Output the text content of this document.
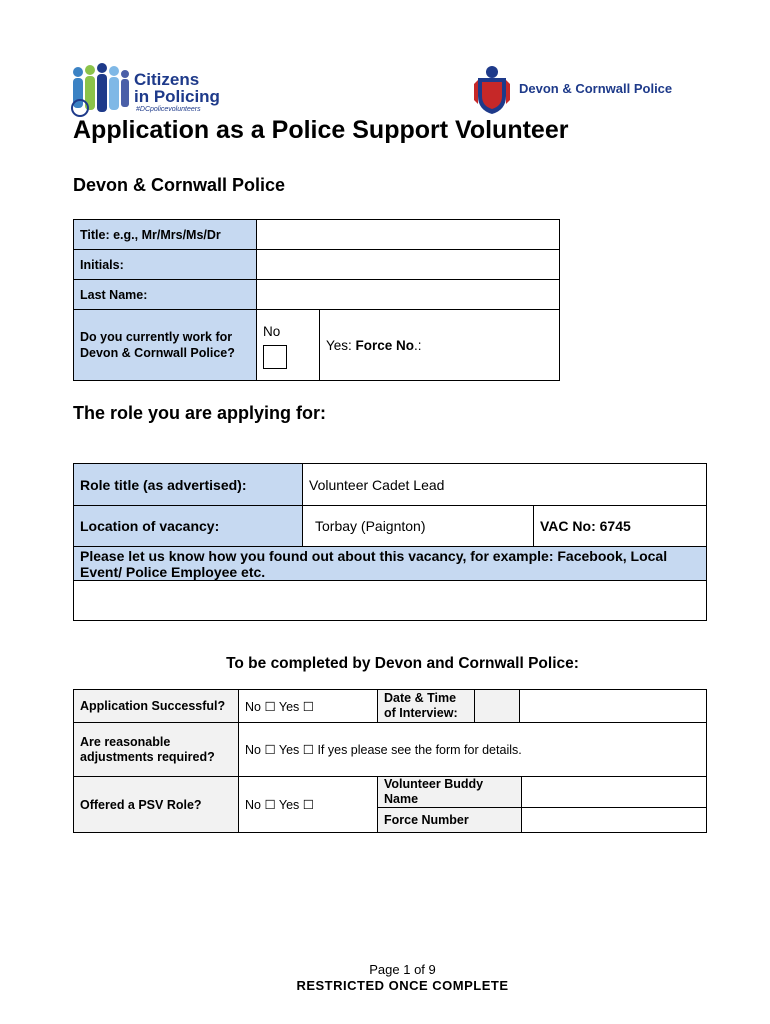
Citizens
in Policing
#DCpolicevolunteers
Devon & Cornwall Police
Application as a Police Support Volunteer
Devon & Cornwall Police
Title: e.g., Mr/Mrs/Ms/Dr		
Initials:		
Last Name:		
Do you currently work for Devon & Cornwall Police?	No	Yes: Force No.:
The role you are applying for:
Role title (as advertised):	Volunteer Cadet Lead	
Location of vacancy:	Torbay (Paignton)	VAC No: 6745
Please let us know how you found out about this vacancy, for example: Facebook, Local Event/ Police Employee etc.		

To be completed by Devon and Cornwall Police:
Application Successful?	No ☐ Yes ☐	Date & Time of Interview:		

Are reasonable adjustments required?	No ☐ Yes ☐ If yes please see the form for details.			
Offered a PSV Role?	No ☐ Yes ☐	Volunteer Buddy Name		
		Force Number		
Page 1 of 9
RESTRICTED ONCE COMPLETE
